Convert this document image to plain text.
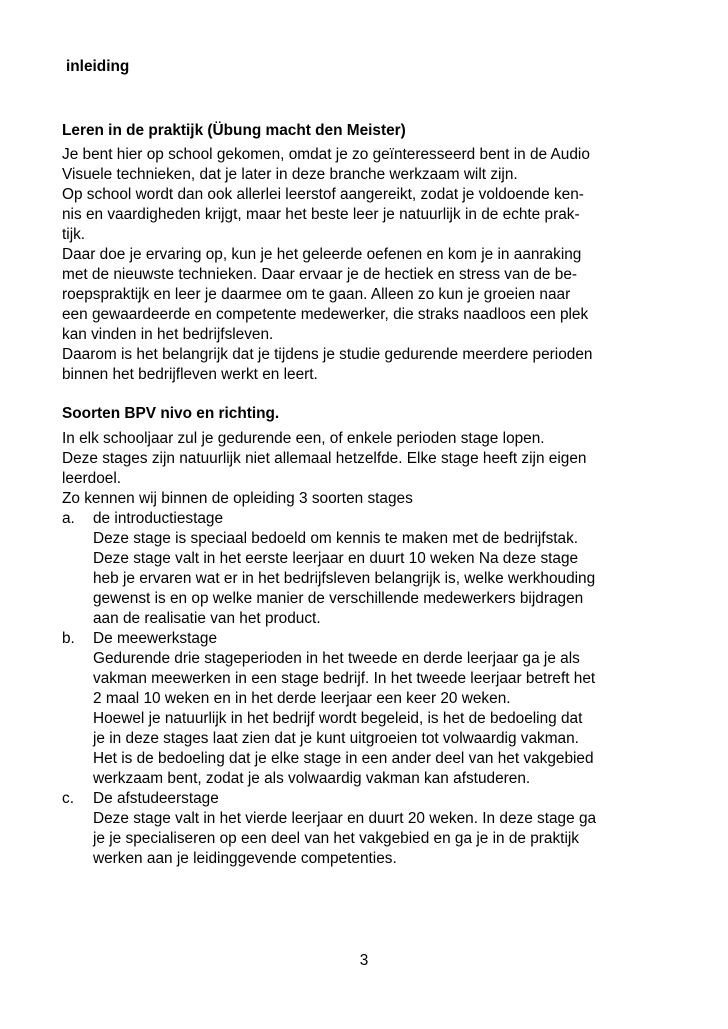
inleiding
Leren in de praktijk (Übung macht den Meister)
Je bent hier op school gekomen, omdat je zo geïnteresseerd bent in de Audio
Visuele technieken, dat je later in deze branche werkzaam wilt zijn.
Op school wordt dan ook allerlei leerstof aangereikt, zodat je voldoende ken-
nis en vaardigheden krijgt, maar het beste leer je natuurlijk in de echte prak-
tijk.
Daar doe je ervaring op, kun je het geleerde oefenen en kom je in aanraking
met de nieuwste technieken. Daar ervaar je de hectiek en stress van de be-
roepspraktijk en leer je daarmee om te gaan. Alleen zo kun je groeien naar
een gewaardeerde en competente medewerker, die straks naadloos een plek
kan vinden in het bedrijfsleven.
Daarom is het belangrijk dat je tijdens je studie gedurende meerdere perioden
binnen het bedrijfleven werkt en leert.
Soorten BPV nivo en richting.
In elk schooljaar zul je gedurende een, of enkele perioden stage lopen.
Deze stages zijn natuurlijk niet allemaal hetzelfde. Elke stage heeft zijn eigen
leerdoel.
Zo kennen wij binnen de opleiding 3 soorten stages
a. de introductiestage
Deze stage is speciaal bedoeld om kennis te maken met de bedrijfstak.
Deze stage valt in het eerste leerjaar en duurt 10 weken Na deze stage
heb je ervaren wat er in het bedrijfsleven belangrijk is, welke werkhouding
gewenst is en op welke manier de verschillende medewerkers bijdragen
aan de realisatie van het product.
b. De meewerkstage
Gedurende drie stageperioden in het tweede en derde leerjaar ga je als
vakman meewerken in een stage bedrijf. In het tweede leerjaar betreft het
2 maal 10 weken en in het derde leerjaar een keer 20 weken.
Hoewel je natuurlijk in het bedrijf wordt begeleid, is het de bedoeling dat
je in deze stages laat zien dat je kunt uitgroeien tot volwaardig vakman.
Het is de bedoeling dat je elke stage in een ander deel van het vakgebied
werkzaam bent, zodat je als volwaardig vakman kan afstuderen.
c. De afstudeerstage
Deze stage valt in het vierde leerjaar en duurt 20 weken. In deze stage ga
je je specialiseren op een deel van het vakgebied en ga je in de praktijk
werken aan je leidinggevende competenties.
3
